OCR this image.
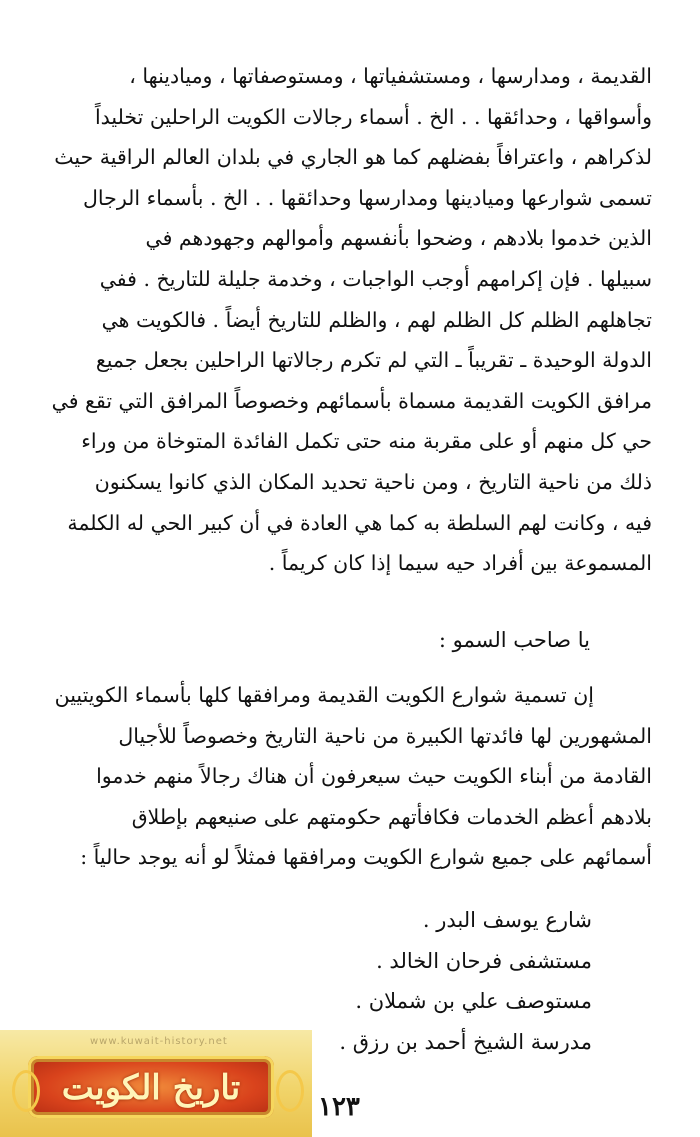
القديمة ، ومدارسها ، ومستشفياتها ، ومستوصفاتها ، وميادينها ،

وأسواقها ، وحدائقها . . الخ . أسماء رجالات الكويت الراحلين تخليداً

لذكراهم ، واعترافاً بفضلهم كما هو الجاري في بلدان العالم الراقية حيث

تسمى شوارعها وميادينها ومدارسها وحدائقها . . الخ . بأسماء الرجال

الذين خدموا بلادهم ، وضحوا بأنفسهم وأموالهم وجهودهم في

سبيلها . فإن إكرامهم أوجب الواجبات ، وخدمة جليلة للتاريخ . ففي

تجاهلهم الظلم كل الظلم لهم ، والظلم للتاريخ أيضاً . فالكويت هي

الدولة الوحيدة ـ تقريباً ـ التي لم تكرم رجالاتها الراحلين بجعل جميع

مرافق الكويت القديمة مسماة بأسمائهم وخصوصاً المرافق التي تقع في

حي كل منهم أو على مقربة منه حتى تكمل الفائدة المتوخاة من وراء

ذلك من ناحية التاريخ ، ومن ناحية تحديد المكان الذي كانوا يسكنون

فيه ، وكانت لهم السلطة به كما هي العادة في أن كبير الحي له الكلمة

المسموعة بين أفراد حيه سيما إذا كان كريماً .

يا صاحب السمو :

إن تسمية شوارع الكويت القديمة ومرافقها كلها بأسماء الكويتيين

المشهورين لها فائدتها الكبيرة من ناحية التاريخ وخصوصاً للأجيال

القادمة من أبناء الكويت حيث سيعرفون أن هناك رجالاً منهم خدموا

بلادهم أعظم الخدمات فكافأتهم حكومتهم على صنيعهم بإطلاق

أسمائهم على جميع شوارع الكويت ومرافقها فمثلاً لو أنه يوجد حالياً :

شارع يوسف البدر .
مستشفى فرحان الخالد .
مستوصف علي بن شملان .
مدرسة الشيخ أحمد بن رزق .
www.kuwait-history.net
تاريخ الكويت	١٢٣
